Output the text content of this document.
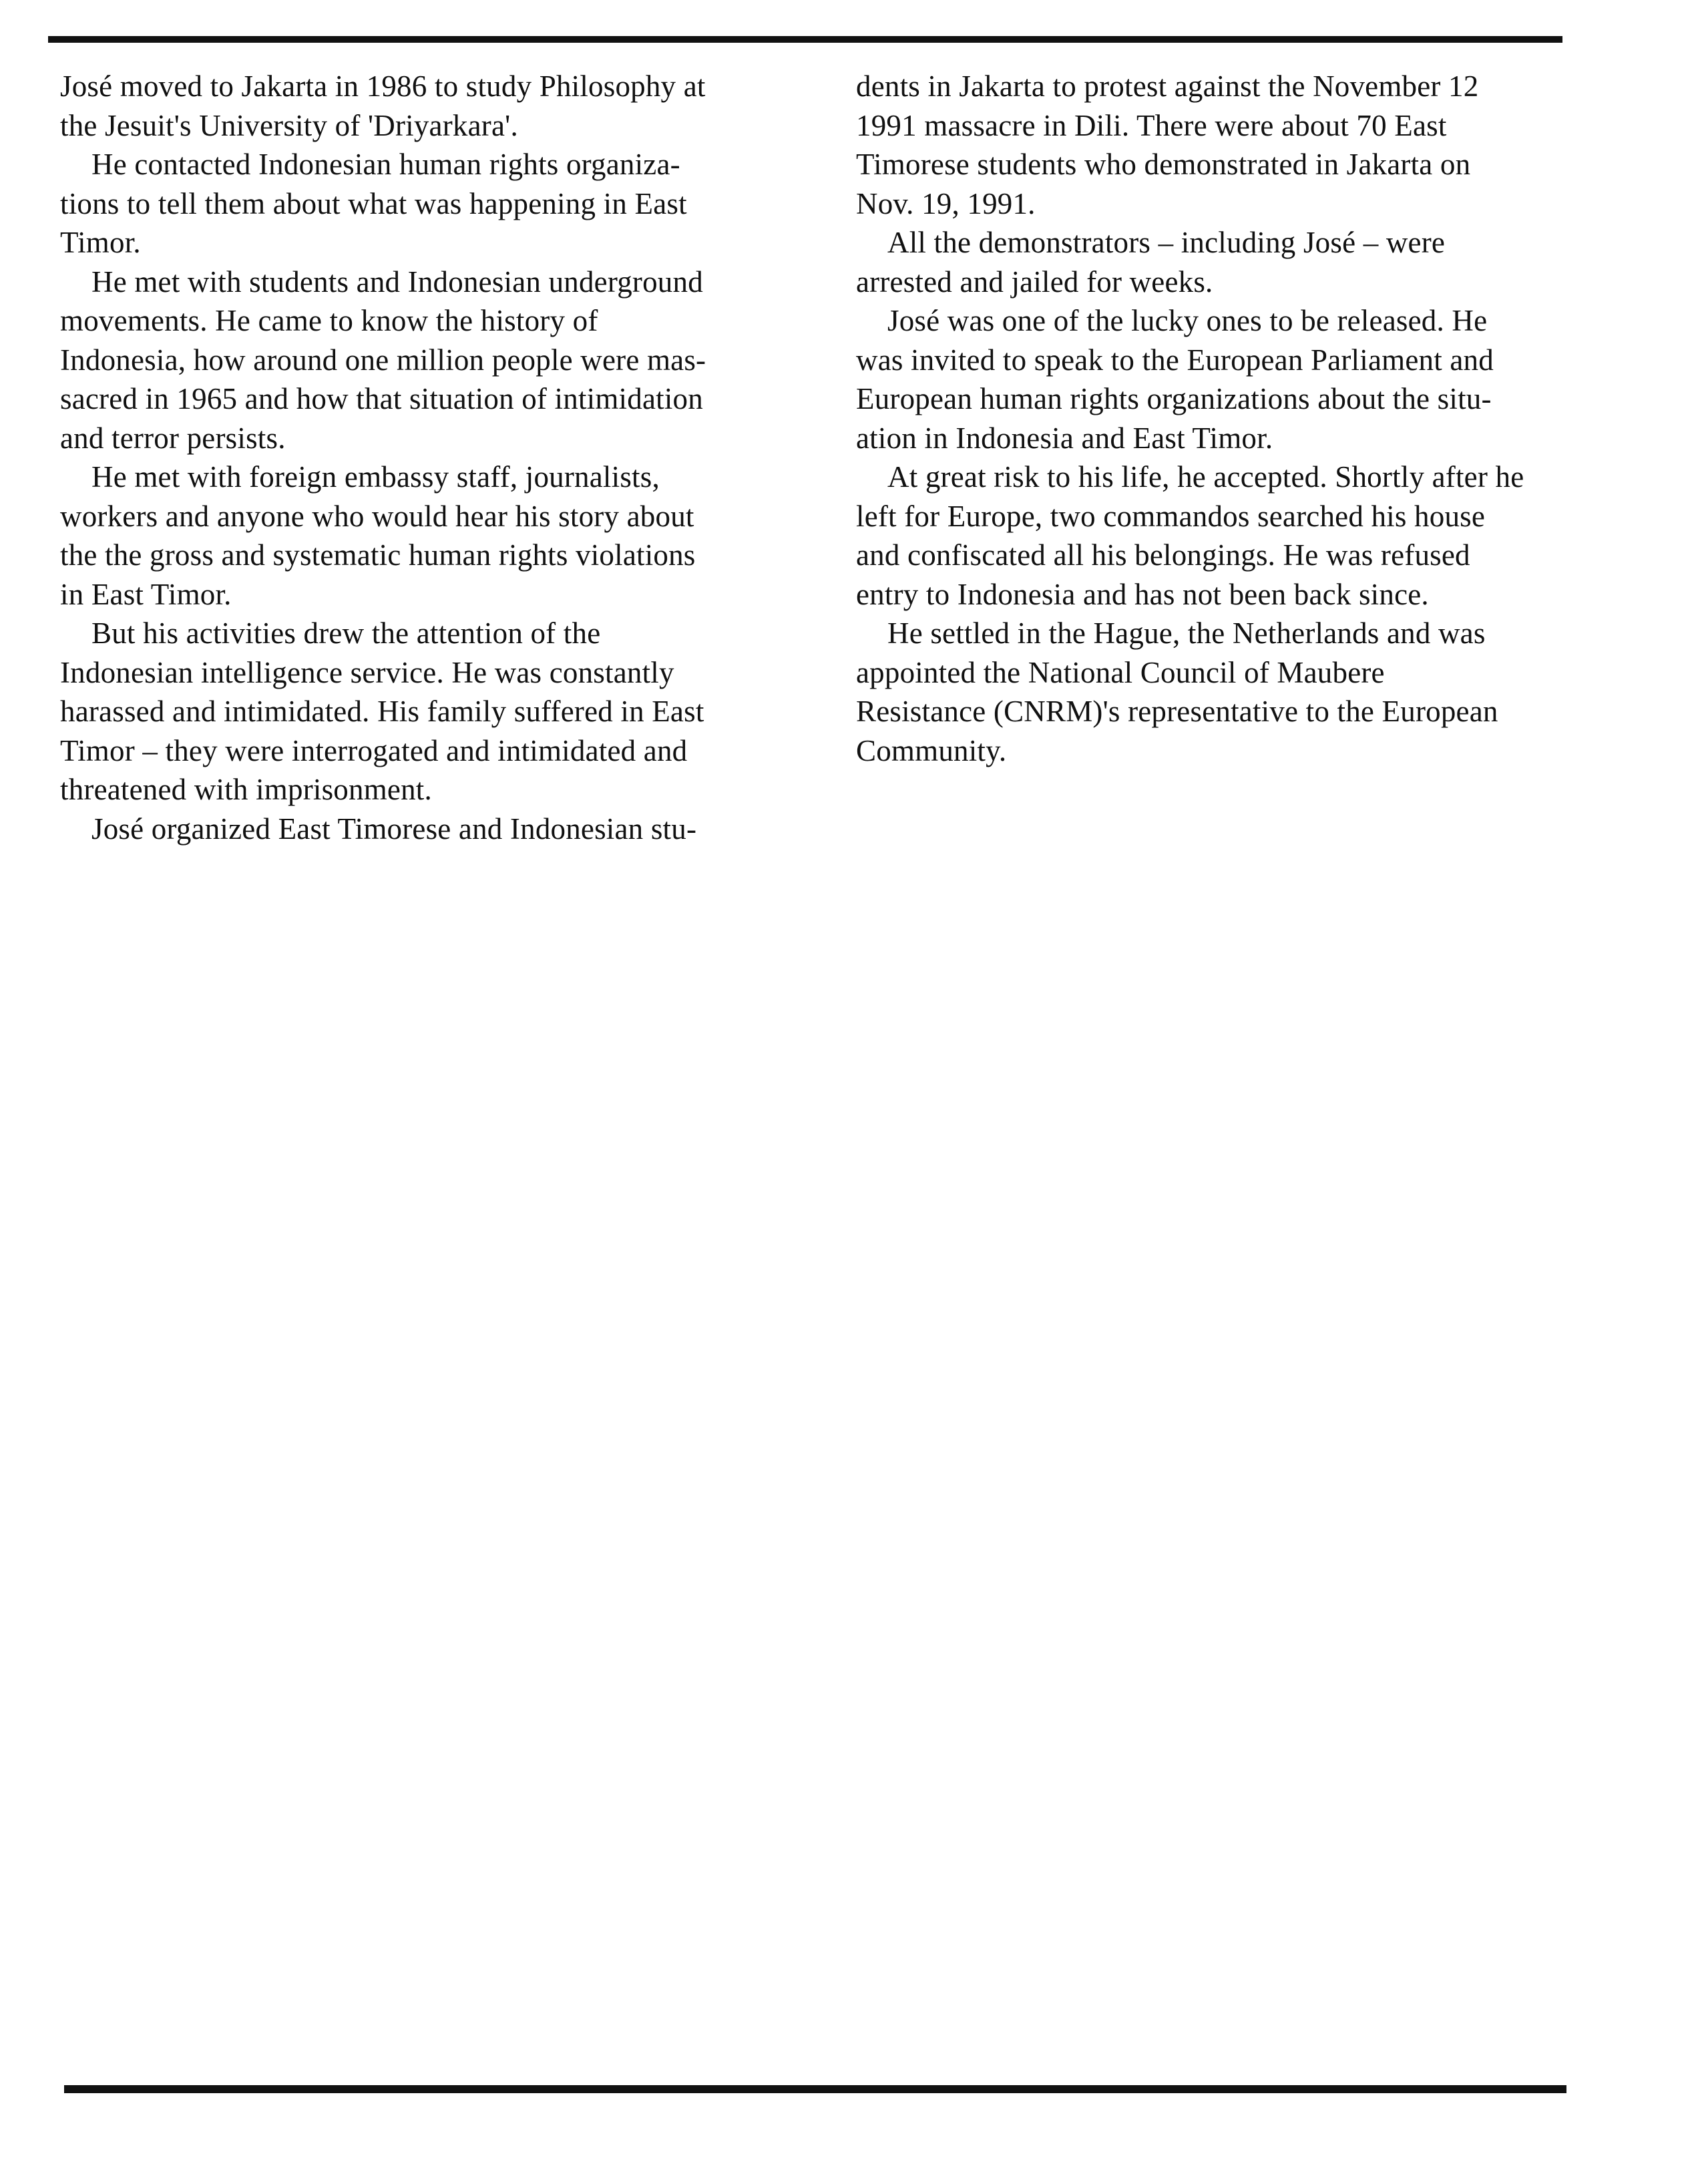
José moved to Jakarta in 1986 to study Philosophy at
the Jesuit's University of 'Driyarkara'.
He contacted Indonesian human rights organiza-
tions to tell them about what was happening in East
Timor.
He met with students and Indonesian underground
movements. He came to know the history of
Indonesia, how around one million people were mas-
sacred in 1965 and how that situation of intimidation
and terror persists.
He met with foreign embassy staff, journalists,
workers and anyone who would hear his story about
the the gross and systematic human rights violations
in East Timor.
But his activities drew the attention of the
Indonesian intelligence service. He was constantly
harassed and intimidated. His family suffered in East
Timor – they were interrogated and intimidated and
threatened with imprisonment.
José organized East Timorese and Indonesian stu-
dents in Jakarta to protest against the November 12
1991 massacre in Dili. There were about 70 East
Timorese students who demonstrated in Jakarta on
Nov. 19, 1991.
All the demonstrators – including José – were
arrested and jailed for weeks.
José was one of the lucky ones to be released. He
was invited to speak to the European Parliament and
European human rights organizations about the situ-
ation in Indonesia and East Timor.
At great risk to his life, he accepted. Shortly after he
left for Europe, two commandos searched his house
and confiscated all his belongings. He was refused
entry to Indonesia and has not been back since.
He settled in the Hague, the Netherlands and was
appointed the National Council of Maubere
Resistance (CNRM)'s representative to the European
Community.
